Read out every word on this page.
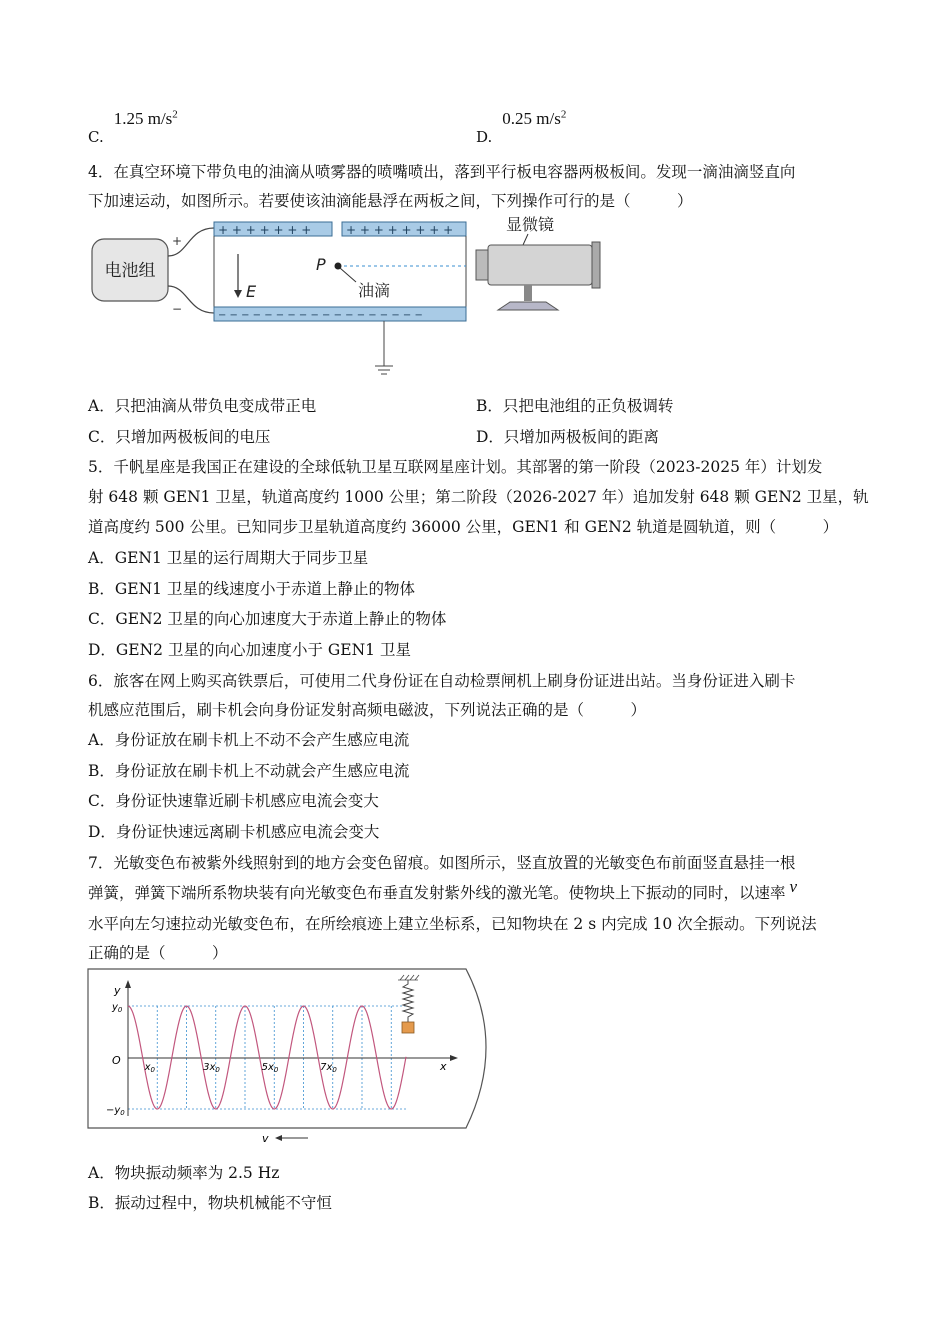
C.1.25 $m/s^2$
D.0.25 $m/s^2$
4．在真空环境下带负电的油滴从喷雾器的喷嘴喷出，落到平行板电容器两极板间。发现一滴油滴竖直向
下加速运动，如图所示。若要使该油滴能悬浮在两板之间，下列操作可行的是（　　　）
电池组
+
−
+ + + + + + +	+ + + + + + + +
− − − − − − − − − − − − − − − − − −
E
P
油滴
显微镜
A．只把油滴从带负电变成带正电	B．只把电池组的正负极调转
C．只增加两极板间的电压	D．只增加两极板间的距离
5．千帆星座是我国正在建设的全球低轨卫星互联网星座计划。其部署的第一阶段（2023-2025 年）计划发
射 648 颗 GEN1 卫星，轨道高度约 1000 公里；第二阶段（2026-2027 年）追加发射 648 颗 GEN2 卫星，轨
道高度约 500 公里。已知同步卫星轨道高度约 36000 公里，GEN1 和 GEN2 轨道是圆轨道，则（　　　）
A．GEN1 卫星的运行周期大于同步卫星
B．GEN1 卫星的线速度小于赤道上静止的物体
C．GEN2 卫星的向心加速度大于赤道上静止的物体
D．GEN2 卫星的向心加速度小于 GEN1 卫星
6．旅客在网上购买高铁票后，可使用二代身份证在自动检票闸机上刷身份证进出站。当身份证进入刷卡
机感应范围后，刷卡机会向身份证发射高频电磁波，下列说法正确的是（　　　）
A．身份证放在刷卡机上不动不会产生感应电流
B．身份证放在刷卡机上不动就会产生感应电流
C．身份证快速靠近刷卡机感应电流会变大
D．身份证快速远离刷卡机感应电流会变大
7．光敏变色布被紫外线照射到的地方会变色留痕。如图所示，竖直放置的光敏变色布前面竖直悬挂一根
弹簧，弹簧下端所系物块装有向光敏变色布垂直发射紫外线的激光笔。使物块上下振动的同时，以速率 v
水平向左匀速拉动光敏变色布，在所绘痕迹上建立坐标系，已知物块在 2 s 内完成 10 次全振动。下列说法
正确的是（　　　）
y
x
O
$y_0$
$-y_0$
$x_0$	$3x_0$	$5x_0$	$7x_0$
v
A．物块振动频率为 2.5 Hz
B．振动过程中，物块机械能不守恒
